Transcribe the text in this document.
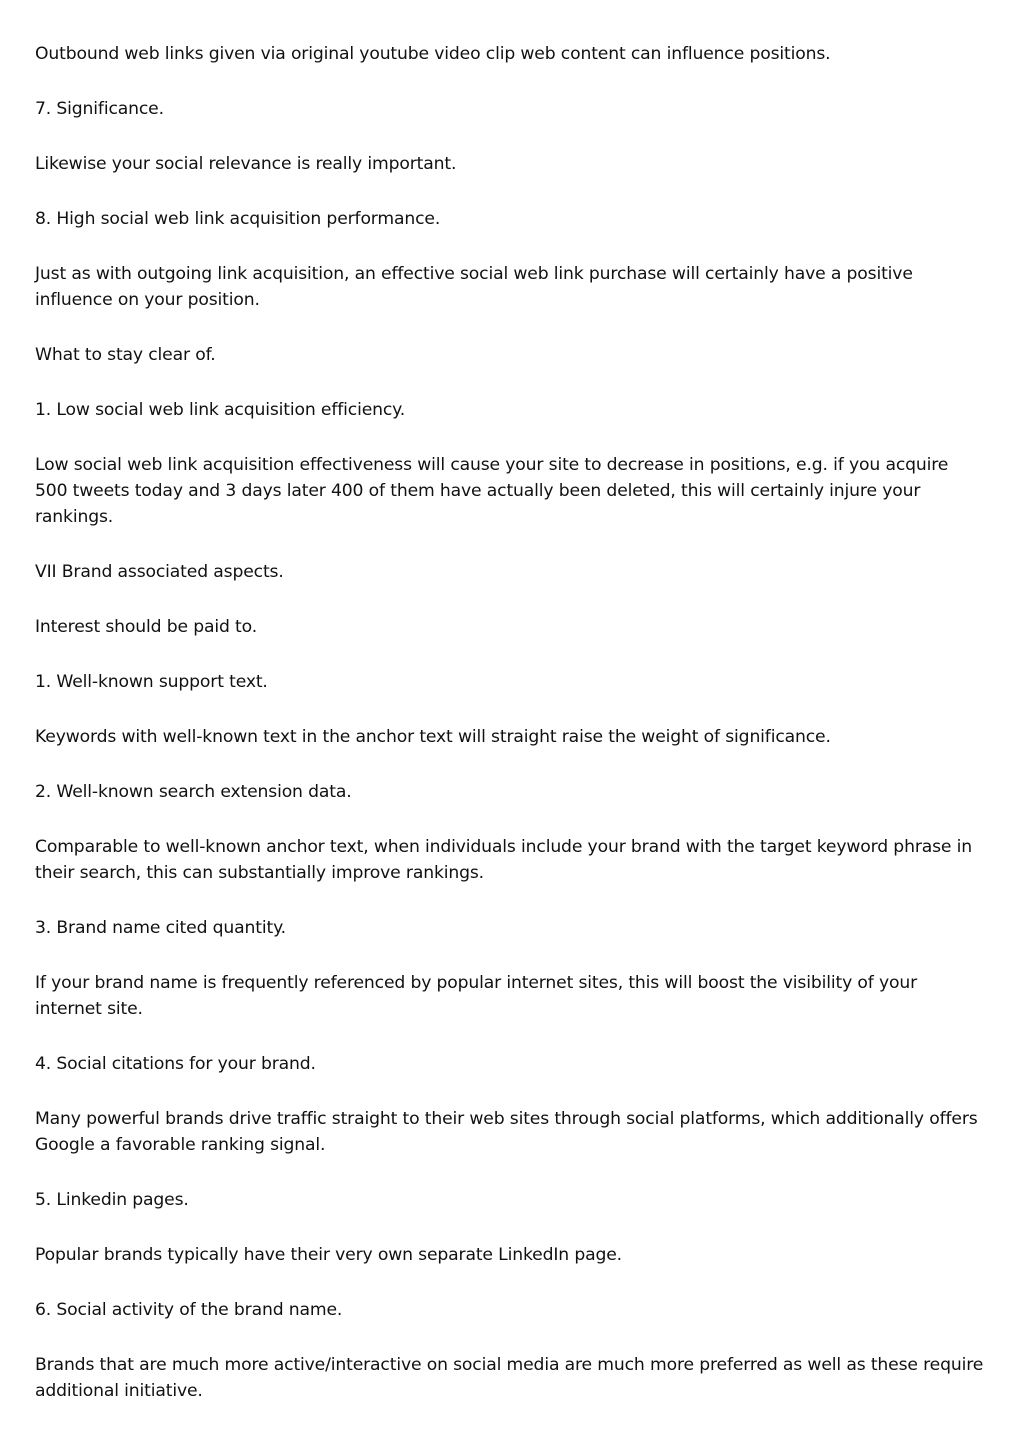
Outbound web links given via original youtube video clip web content can influence positions.

7. Significance.

Likewise your social relevance is really important.

8. High social web link acquisition performance.

Just as with outgoing link acquisition, an effective social web link purchase will certainly have a positive influence on your position.

What to stay clear of.

1. Low social web link acquisition efficiency.

Low social web link acquisition effectiveness will cause your site to decrease in positions, e.g. if you acquire 500 tweets today and 3 days later 400 of them have actually been deleted, this will certainly injure your rankings.

VII Brand associated aspects.

Interest should be paid to.

1. Well-known support text.

Keywords with well-known text in the anchor text will straight raise the weight of significance.

2. Well-known search extension data.

Comparable to well-known anchor text, when individuals include your brand with the target keyword phrase in their search, this can substantially improve rankings.

3. Brand name cited quantity.

If your brand name is frequently referenced by popular internet sites, this will boost the visibility of your internet site.

4. Social citations for your brand.

Many powerful brands drive traffic straight to their web sites through social platforms, which additionally offers Google a favorable ranking signal.

5. Linkedin pages.

Popular brands typically have their very own separate LinkedIn page.

6. Social activity of the brand name.

Brands that are much more active/interactive on social media are much more preferred as well as these require additional initiative.
